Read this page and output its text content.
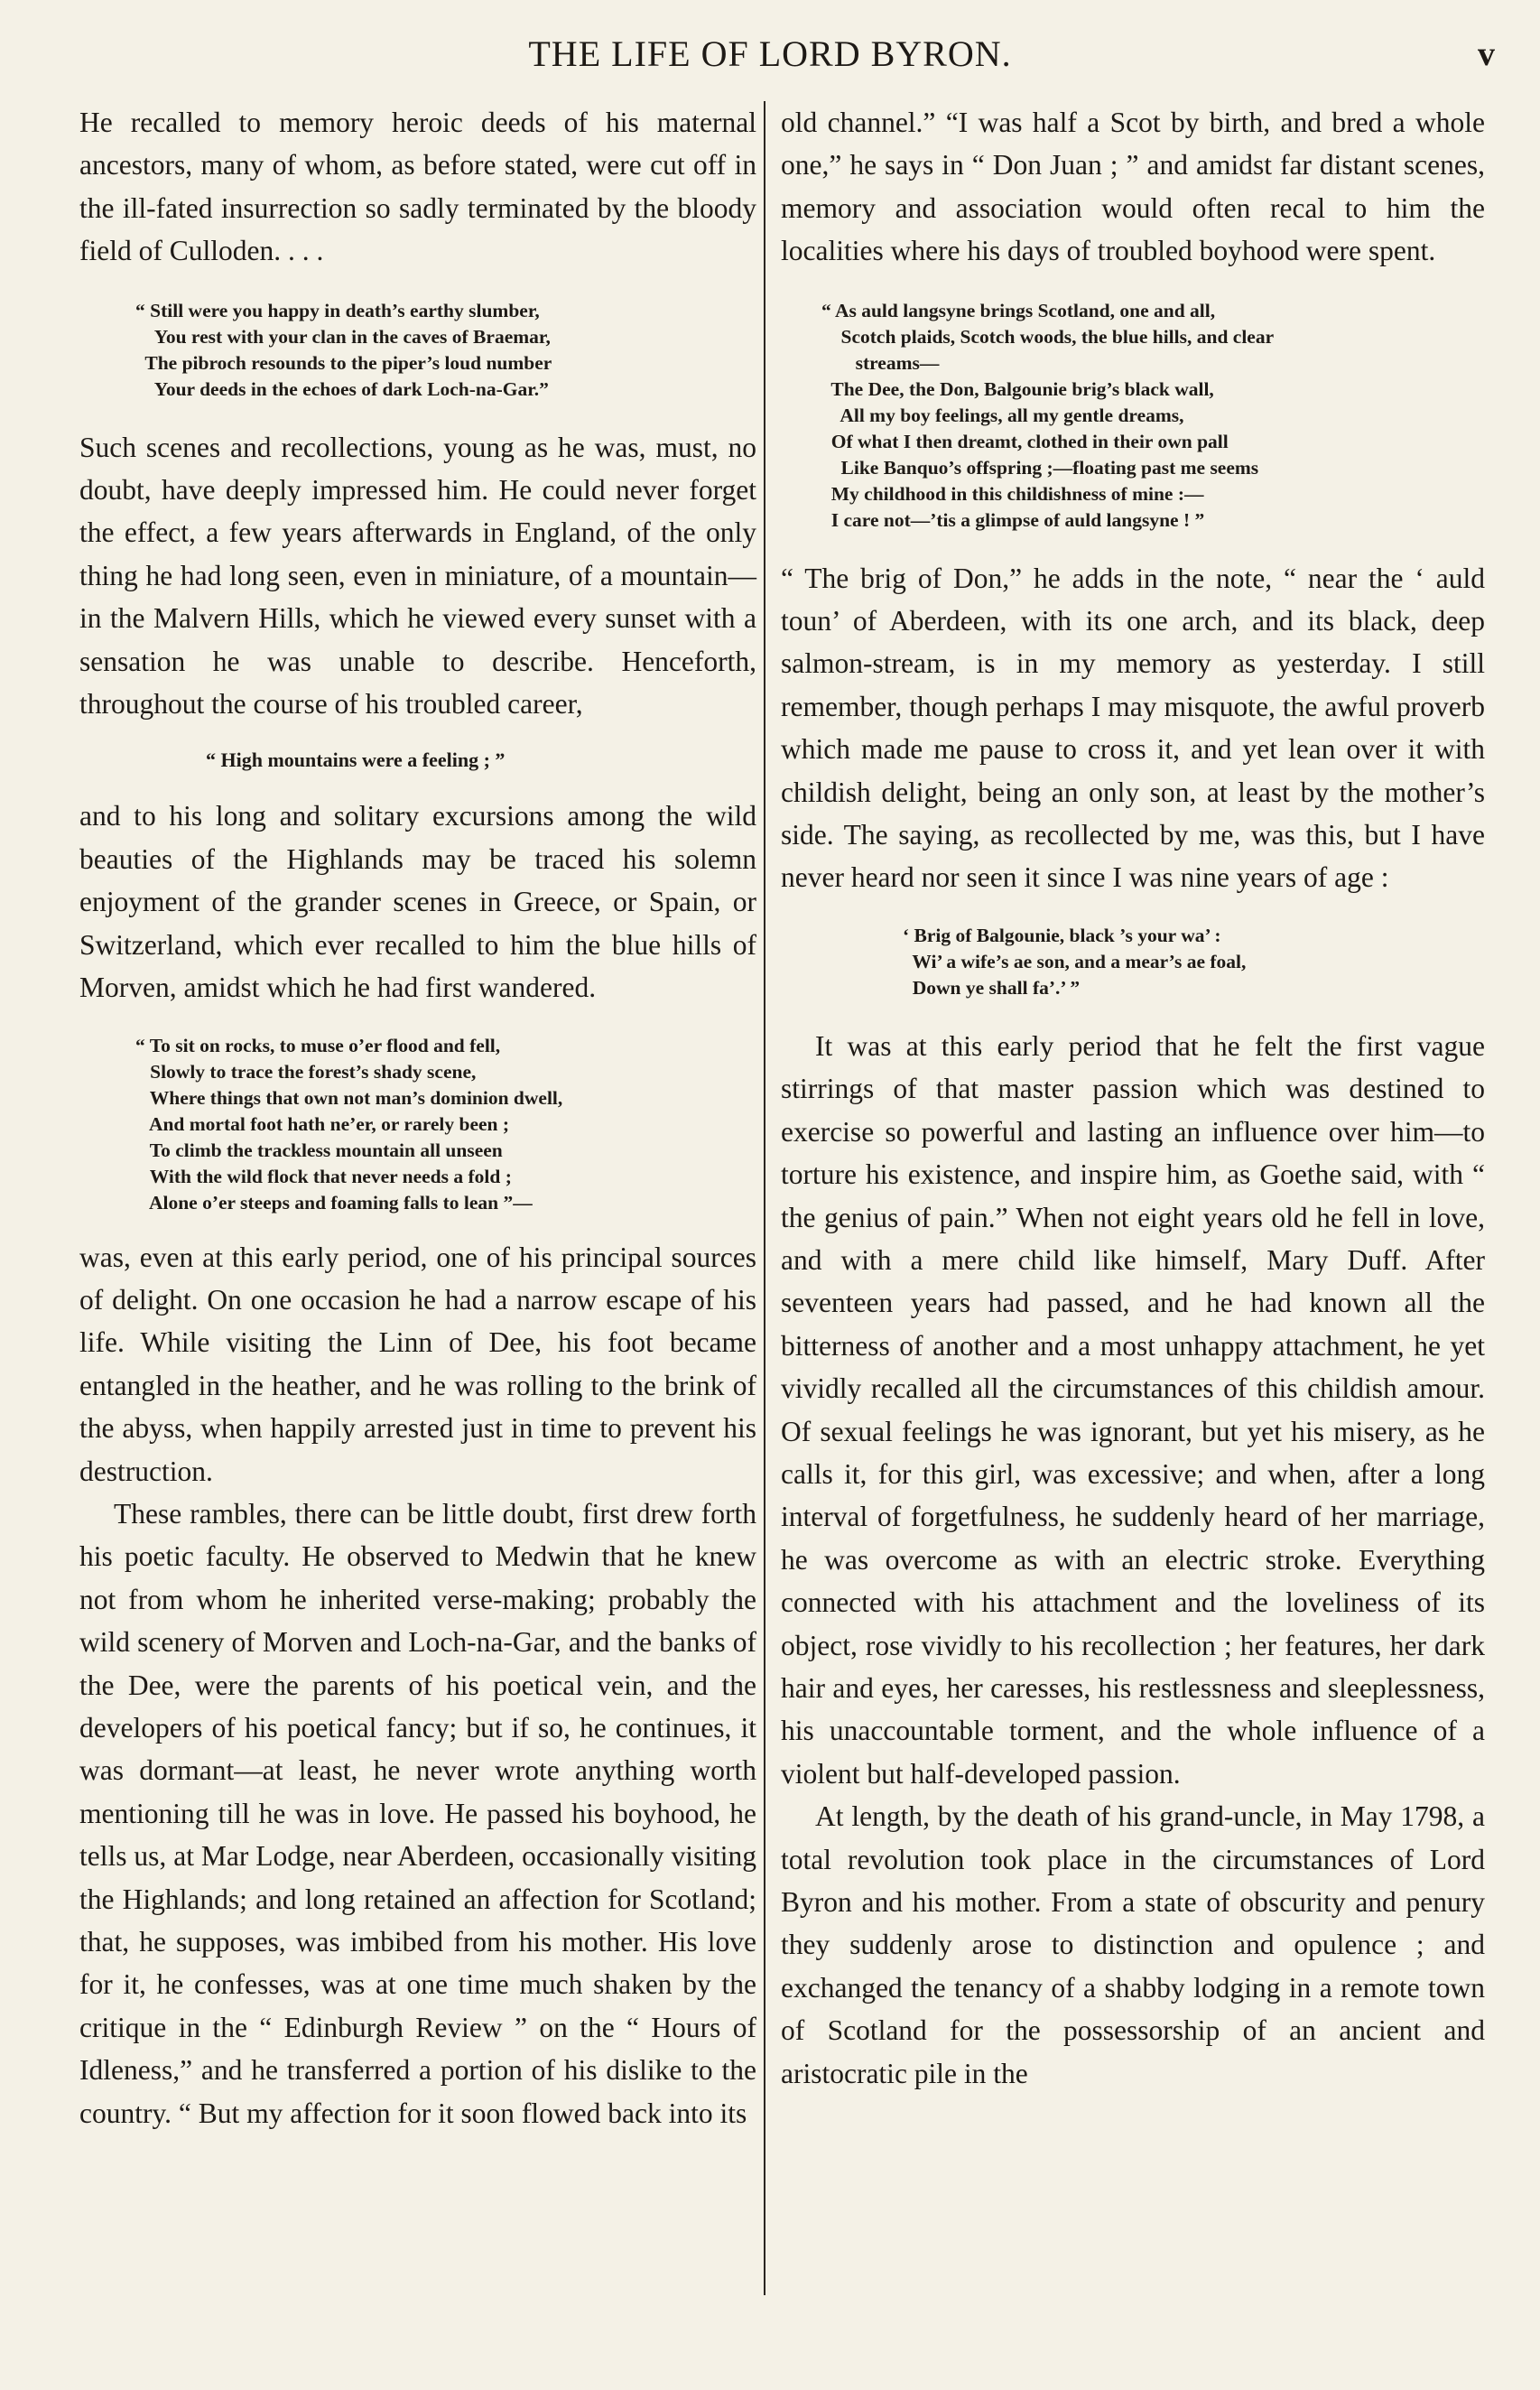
THE LIFE OF LORD BYRON.	v

He recalled to memory heroic deeds of his maternal ancestors, many of whom, as before stated, were cut off in the ill-fated insurrection so sadly terminated by the bloody field of Culloden. . . .

“ Still were you happy in death’s earthy slumber,
You rest with your clan in the caves of Braemar,
The pibroch resounds to the piper’s loud number
Your deeds in the echoes of dark Loch-na-Gar.”

Such scenes and recollections, young as he was, must, no doubt, have deeply impressed him. He could never forget the effect, a few years afterwards in England, of the only thing he had long seen, even in miniature, of a mountain—in the Malvern Hills, which he viewed every sunset with a sensation he was unable to describe. Henceforth, throughout the course of his troubled career,

“ High mountains were a feeling ; ”

and to his long and solitary excursions among the wild beauties of the Highlands may be traced his solemn enjoyment of the grander scenes in Greece, or Spain, or Switzerland, which ever recalled to him the blue hills of Morven, amidst which he had first wandered.

“ To sit on rocks, to muse o’er flood and fell,
Slowly to trace the forest’s shady scene,
Where things that own not man’s dominion dwell,
And mortal foot hath ne’er, or rarely been ;
To climb the trackless mountain all unseen
With the wild flock that never needs a fold ;
Alone o’er steeps and foaming falls to lean ”—

was, even at this early period, one of his principal sources of delight. On one occasion he had a narrow escape of his life. While visiting the Linn of Dee, his foot became entangled in the heather, and he was rolling to the brink of the abyss, when happily arrested just in time to prevent his destruction.

These rambles, there can be little doubt, first drew forth his poetic faculty. He observed to Medwin that he knew not from whom he inherited verse-making; probably the wild scenery of Morven and Loch-na-Gar, and the banks of the Dee, were the parents of his poetical vein, and the developers of his poetical fancy; but if so, he continues, it was dormant—at least, he never wrote anything worth mentioning till he was in love. He passed his boyhood, he tells us, at Mar Lodge, near Aberdeen, occasionally visiting the Highlands; and long retained an affection for Scotland; that, he supposes, was imbibed from his mother. His love for it, he confesses, was at one time much shaken by the critique in the “ Edinburgh Review ” on the “ Hours of Idleness,” and he transferred a portion of his dislike to the country. “ But my affection for it soon flowed back into its

old channel.” “I was half a Scot by birth, and bred a whole one,” he says in “ Don Juan ; ” and amidst far distant scenes, memory and association would often recal to him the localities where his days of troubled boyhood were spent.

“ As auld langsyne brings Scotland, one and all,
Scotch plaids, Scotch woods, the blue hills, and clear
streams—
The Dee, the Don, Balgounie brig’s black wall,
All my boy feelings, all my gentle dreams,
Of what I then dreamt, clothed in their own pall
Like Banquo’s offspring ;—floating past me seems
My childhood in this childishness of mine :—
I care not—’tis a glimpse of auld langsyne ! ”

“ The brig of Don,” he adds in the note, “ near the ‘ auld toun’ of Aberdeen, with its one arch, and its black, deep salmon-stream, is in my memory as yesterday. I still remember, though perhaps I may misquote, the awful proverb which made me pause to cross it, and yet lean over it with childish delight, being an only son, at least by the mother’s side. The saying, as recollected by me, was this, but I have never heard nor seen it since I was nine years of age :

‘ Brig of Balgounie, black ’s your wa’ :
Wi’ a wife’s ae son, and a mear’s ae foal,
Down ye shall fa’.’ ”

It was at this early period that he felt the first vague stirrings of that master passion which was destined to exercise so powerful and lasting an influence over him—to torture his existence, and inspire him, as Goethe said, with “ the genius of pain.” When not eight years old he fell in love, and with a mere child like himself, Mary Duff. After seventeen years had passed, and he had known all the bitterness of another and a most unhappy attachment, he yet vividly recalled all the circumstances of this childish amour. Of sexual feelings he was ignorant, but yet his misery, as he calls it, for this girl, was excessive; and when, after a long interval of forgetfulness, he suddenly heard of her marriage, he was overcome as with an electric stroke. Everything connected with his attachment and the loveliness of its object, rose vividly to his recollection ; her features, her dark hair and eyes, her caresses, his restlessness and sleeplessness, his unaccountable torment, and the whole influence of a violent but half-developed passion.

At length, by the death of his grand-uncle, in May 1798, a total revolution took place in the circumstances of Lord Byron and his mother. From a state of obscurity and penury they suddenly arose to distinction and opulence ; and exchanged the tenancy of a shabby lodging in a remote town of Scotland for the possessorship of an ancient and aristocratic pile in the
